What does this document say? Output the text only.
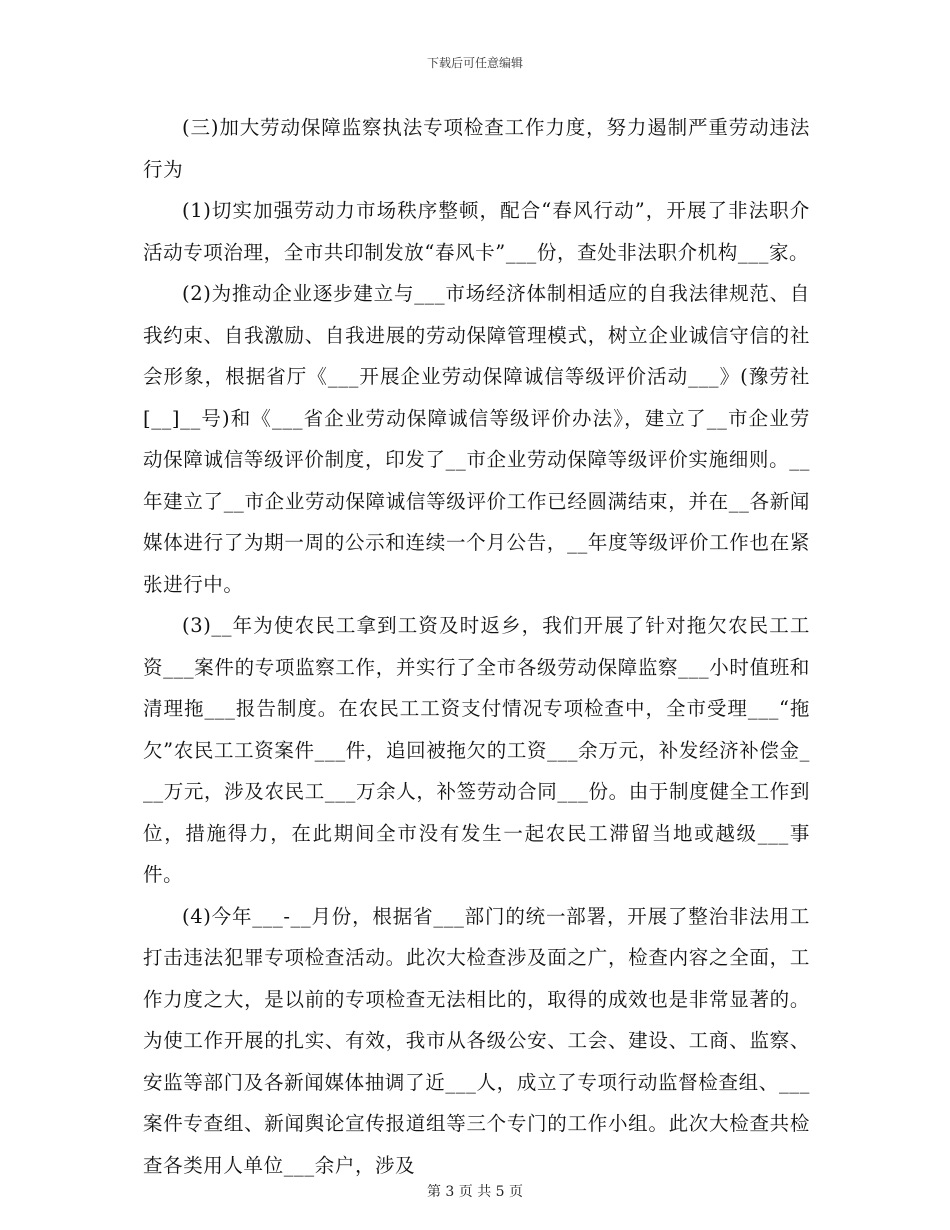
下载后可任意编辑

(三)加大劳动保障监察执法专项检查工作力度，努力遏制严重劳动违法行为

(1)切实加强劳动力市场秩序整顿，配合“春风行动”，开展了非法职介活动专项治理，全市共印制发放“春风卡”___份，查处非法职介机构___家。

(2)为推动企业逐步建立与___市场经济体制相适应的自我法律规范、自我约束、自我激励、自我进展的劳动保障管理模式，树立企业诚信守信的社会形象，根据省厅《___开展企业劳动保障诚信等级评价活动___》(豫劳社[__]__号)和《___省企业劳动保障诚信等级评价办法》，建立了__市企业劳动保障诚信等级评价制度，印发了__市企业劳动保障等级评价实施细则。__年建立了__市企业劳动保障诚信等级评价工作已经圆满结束，并在__各新闻媒体进行了为期一周的公示和连续一个月公告，__年度等级评价工作也在紧张进行中。

(3)__年为使农民工拿到工资及时返乡，我们开展了针对拖欠农民工工资___案件的专项监察工作，并实行了全市各级劳动保障监察___小时值班和清理拖___报告制度。在农民工工资支付情况专项检查中，全市受理___“拖欠”农民工工资案件___件，追回被拖欠的工资___余万元，补发经济补偿金___万元，涉及农民工___万余人，补签劳动合同___份。由于制度健全工作到位，措施得力，在此期间全市没有发生一起农民工滞留当地或越级___事件。

(4)今年___-__月份，根据省___部门的统一部署，开展了整治非法用工打击违法犯罪专项检查活动。此次大检查涉及面之广，检查内容之全面，工作力度之大，是以前的专项检查无法相比的，取得的成效也是非常显著的。为使工作开展的扎实、有效，我市从各级公安、工会、建设、工商、监察、安监等部门及各新闻媒体抽调了近___人，成立了专项行动监督检查组、___案件专查组、新闻舆论宣传报道组等三个专门的工作小组。此次大检查共检查各类用人单位___余户，涉及

第 3 页 共 5 页
